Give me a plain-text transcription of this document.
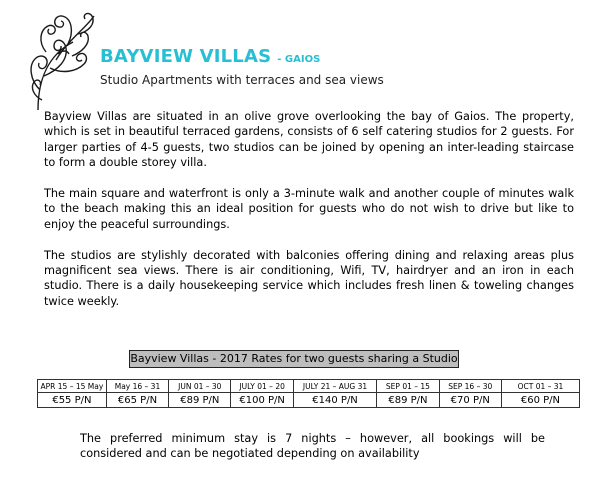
BAYVIEW VILLAS - GAIOS
Studio Apartments with terraces and sea views

Bayview Villas are situated in an olive grove overlooking the bay of Gaios. The property, which is set in beautiful terraced gardens, consists of 6 self catering studios for 2 guests. For larger parties of 4-5 guests, two studios can be joined by opening an inter-leading staircase to form a double storey villa.

The main square and waterfront is only a 3-minute walk and another couple of minutes walk to the beach making this an ideal position for guests who do not wish to drive but like to enjoy the peaceful surroundings.

The studios are stylishly decorated with balconies offering dining and relaxing areas plus magnificent sea views. There is air conditioning, Wifi, TV, hairdryer and an iron in each studio. There is a daily housekeeping service which includes fresh linen & toweling changes twice weekly.

Bayview Villas - 2017 Rates for two guests sharing a Studio
APR 15 – 15 May	May 16 – 31	JUN 01 – 30	JULY 01 – 20	JULY 21 – AUG 31	SEP 01 – 15	SEP 16 – 30	OCT 01 – 31
€55 P/N	€65 P/N	€89 P/N	€100 P/N	€140 P/N	€89 P/N	€70 P/N	€60 P/N
The preferred minimum stay is 7 nights – however, all bookings will be considered and can be negotiated depending on availability
